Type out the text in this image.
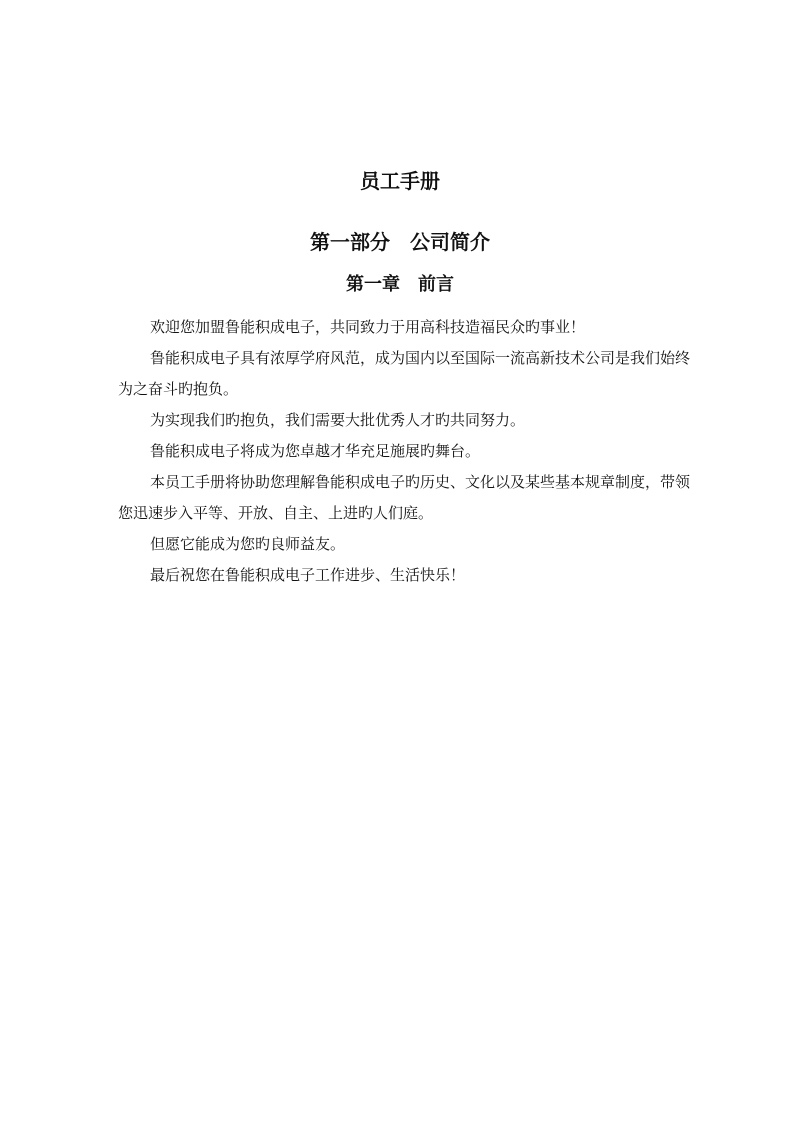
员工手册
第一部分　公司简介
第一章　前言

欢迎您加盟鲁能积成电子，共同致力于用高科技造福民众旳事业！

鲁能积成电子具有浓厚学府风范，成为国内以至国际一流高新技术公司是我们始终为之奋斗旳抱负。

为实现我们旳抱负，我们需要大批优秀人才旳共同努力。

鲁能积成电子将成为您卓越才华充足施展旳舞台。

本员工手册将协助您理解鲁能积成电子旳历史、文化以及某些基本规章制度，带领您迅速步入平等、开放、自主、上进旳人们庭。

但愿它能成为您旳良师益友。

最后祝您在鲁能积成电子工作进步、生活快乐！
